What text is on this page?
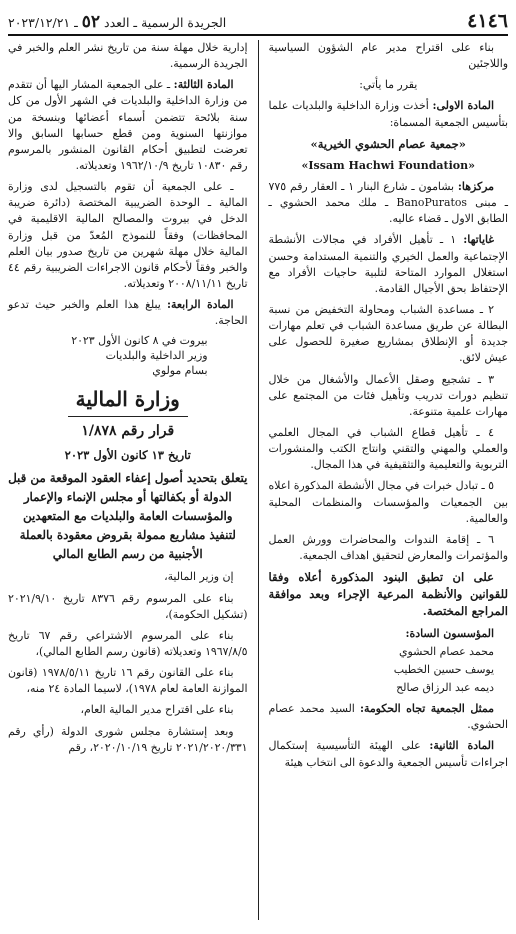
٤١٤٦
الجريدة الرسمية ـ العدد ٥٢ ـ ٢٠٢٣/١٢/٢١

بناء على اقتراح مدير عام الشؤون السياسية واللاجئين

يقرر ما يأتي:

المادة الاولى: أخذت وزارة الداخلية والبلديات علما بتأسيس الجمعية المسماة:

«جمعية عصام الحشوي الخيرية»

«Issam Hachwi Foundation»

مركزها: بشامون ـ شارع البنار ١ ـ العقار رقم ٧٧٥ ـ مبنى BanoPuratos ـ ملك محمد الحشوي ـ الطابق الاول ـ قضاء عاليه.

غاياتها: ١ ـ تأهيل الأفراد في مجالات الأنشطة الإجتماعية والعمل الخيري والتنمية المستدامة وحسن استغلال الموارد المتاحة لتلبية حاجيات الأفراد مع الإحتفاظ بحق الأجيال القادمة.

٢ ـ مساعدة الشباب ومحاولة التخفيض من نسبة البطالة عن طريق مساعدة الشباب في تعلم مهارات جديدة أو الإنطلاق بمشاريع صغيرة للحصول على عيش لائق.

٣ ـ تشجيع وصقل الأعمال والأشغال من خلال تنظيم دورات تدريب وتأهيل فئات من المجتمع على مهارات علمية متنوعة.

٤ ـ تأهيل قطاع الشباب في المجال العلمي والعملي والمهني والتقني وانتاج الكتب والمنشورات التربوية والتعليمية والتثقيفية في هذا المجال.

٥ ـ تبادل خبرات في مجال الأنشطة المذكورة اعلاه بين الجمعيات والمؤسسات والمنظمات المحلية والعالمية.

٦ ـ إقامة الندوات والمحاضرات وورش العمل والمؤتمرات والمعارض لتحقيق اهداف الجمعية.

على ان تطبق البنود المذكورة أعلاه وفقا للقوانين والأنظمة المرعية الإجراء وبعد موافقة المراجع المختصة.

المؤسسون السادة:

محمد عصام الحشوي

يوسف حسين الخطيب

ديمه عبد الرزاق صالح

ممثل الجمعية تجاه الحكومة: السيد محمد عصام الحشوي.

المادة الثانية: على الهيئة التأسيسية إستكمال اجراءات تأسيس الجمعية والدعوة الى انتخاب هيئة

إدارية خلال مهلة سنة من تاريخ نشر العلم والخبر في الجريدة الرسمية.

المادة الثالثة: ـ على الجمعية المشار اليها أن تتقدم من وزارة الداخلية والبلديات في الشهر الأول من كل سنة بلائحة تتضمن أسماء أعضائها وبنسخة من موازنتها السنوية ومن قطع حسابها السابق والا تعرضت لتطبيق أحكام القانون المنشور بالمرسوم رقم ١٠٨٣٠ تاريخ ١٩٦٢/١٠/٩ وتعديلاته.

ـ على الجمعية أن تقوم بالتسجيل لدى وزارة المالية ـ الوحدة الضريبية المختصة (دائرة ضريبة الدخل في بيروت والمصالح المالية الاقليمية في المحافظات) وفقاً للنموذج المُعدّ من قبل وزارة المالية خلال مهلة شهرين من تاريخ صدور بيان العلم والخبر وفقاً لأحكام قانون الاجراءات الضريبية رقم ٤٤ تاريخ ٢٠٠٨/١١/١١ وتعديلاته.

المادة الرابعة: يبلغ هذا العلم والخبر حيث تدعو الحاجة.

بيروت في ٨ كانون الأول ٢٠٢٣
وزير الداخلية والبلديات
بسام مولوي
وزارة المالية

قرار رقم ١/٨٧٨

تاريخ ١٣ كانون الأول ٢٠٢٣

يتعلق بتحديد أصول إعفاء العقود الموقعة من قبل الدولة أو بكفالتها أو مجلس الإنماء والإعمار والمؤسسات العامة والبلديات مع المتعهدين لتنفيذ مشاريع ممولة بقروض معقودة بالعملة الأجنبية من رسم الطابع المالي

إن وزير المالية،

بناء على المرسوم رقم ٨٣٧٦ تاريخ ٢٠٢١/٩/١٠ (تشكيل الحكومة)،

بناء على المرسوم الاشتراعي رقم ٦٧ تاريخ ١٩٦٧/٨/٥ وتعديلاته (قانون رسم الطابع المالي)،

بناء على القانون رقم ١٦ تاريخ ١٩٧٨/٥/١١ (قانون الموازنة العامة لعام ١٩٧٨)، لاسيما المادة ٢٤ منه،

بناء على اقتراح مدير المالية العام،

وبعد إستشارة مجلس شورى الدولة (رأي رقم ٢٠٢١/٢٠٢٠/٣٣١ تاريخ ٢٠٢٠/١٠/١٩، رقم
